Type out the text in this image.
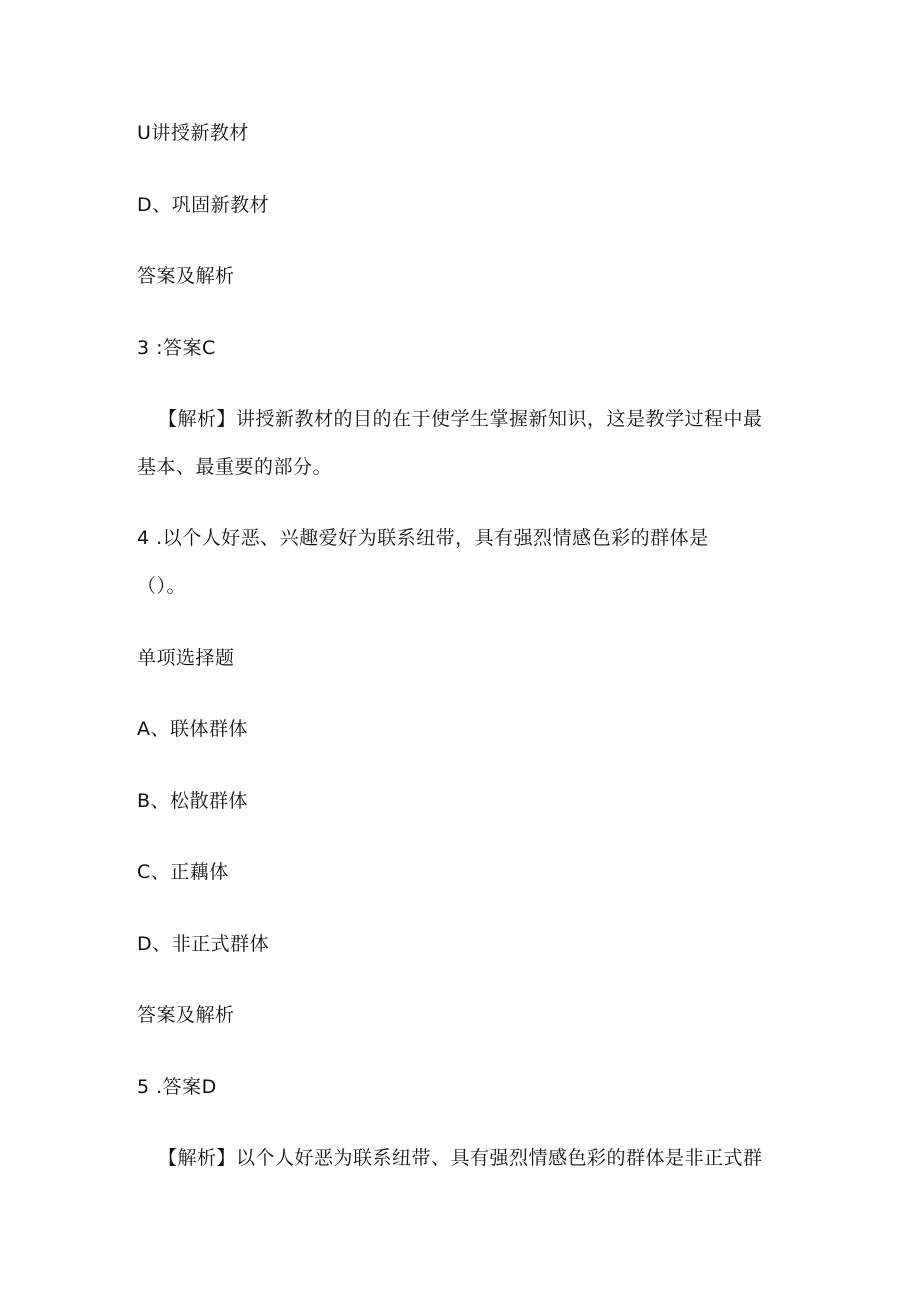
U讲授新教材
D、巩固新教材
答案及解析
3 :答案C
【解析】讲授新教材的目的在于使学生掌握新知识，这是教学过程中最
基本、最重要的部分。
4 .以个人好恶、兴趣爱好为联系纽带，具有强烈情感色彩的群体是
（）。
单项选择题
A、联体群体
B、松散群体
C、正藕体
D、非正式群体
答案及解析
5 .答案D
【解析】以个人好恶为联系纽带、具有强烈情感色彩的群体是非正式群
